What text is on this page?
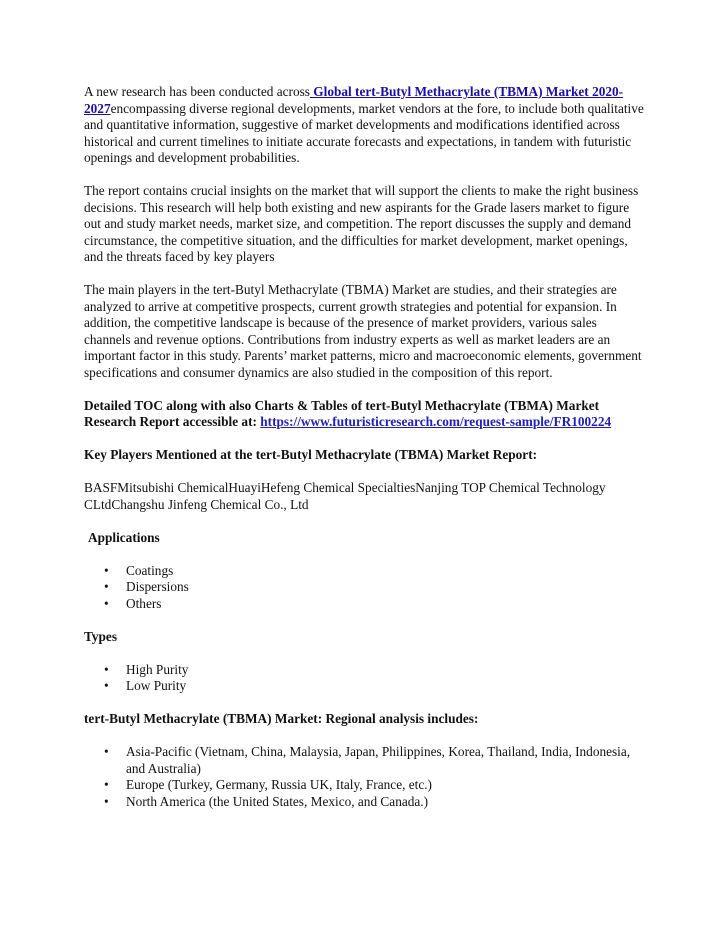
A new research has been conducted across Global tert-Butyl Methacrylate (TBMA) Market 2020-2027encompassing diverse regional developments, market vendors at the fore, to include both qualitative and quantitative information, suggestive of market developments and modifications identified across historical and current timelines to initiate accurate forecasts and expectations, in tandem with futuristic openings and development probabilities.

The report contains crucial insights on the market that will support the clients to make the right business decisions. This research will help both existing and new aspirants for the Grade lasers market to figure out and study market needs, market size, and competition. The report discusses the supply and demand circumstance, the competitive situation, and the difficulties for market development, market openings, and the threats faced by key players

The main players in the tert-Butyl Methacrylate (TBMA) Market are studies, and their strategies are analyzed to arrive at competitive prospects, current growth strategies and potential for expansion. In addition, the competitive landscape is because of the presence of market providers, various sales channels and revenue options. Contributions from industry experts as well as market leaders are an important factor in this study. Parents’ market patterns, micro and macroeconomic elements, government specifications and consumer dynamics are also studied in the composition of this report.

Detailed TOC along with also Charts & Tables of tert-Butyl Methacrylate (TBMA) Market Research Report accessible at: https://www.futuristicresearch.com/request-sample/FR100224

Key Players Mentioned at the tert-Butyl Methacrylate (TBMA) Market Report:

BASFMitsubishi ChemicalHuayiHefeng Chemical SpecialtiesNanjing TOP Chemical Technology CLtdChangshu Jinfeng Chemical Co., Ltd

Applications

• Coatings
• Dispersions
• Others

Types

• High Purity
• Low Purity

tert-Butyl Methacrylate (TBMA) Market: Regional analysis includes:

• Asia-Pacific (Vietnam, China, Malaysia, Japan, Philippines, Korea, Thailand, India, Indonesia, and Australia)
• Europe (Turkey, Germany, Russia UK, Italy, France, etc.)
• North America (the United States, Mexico, and Canada.)
